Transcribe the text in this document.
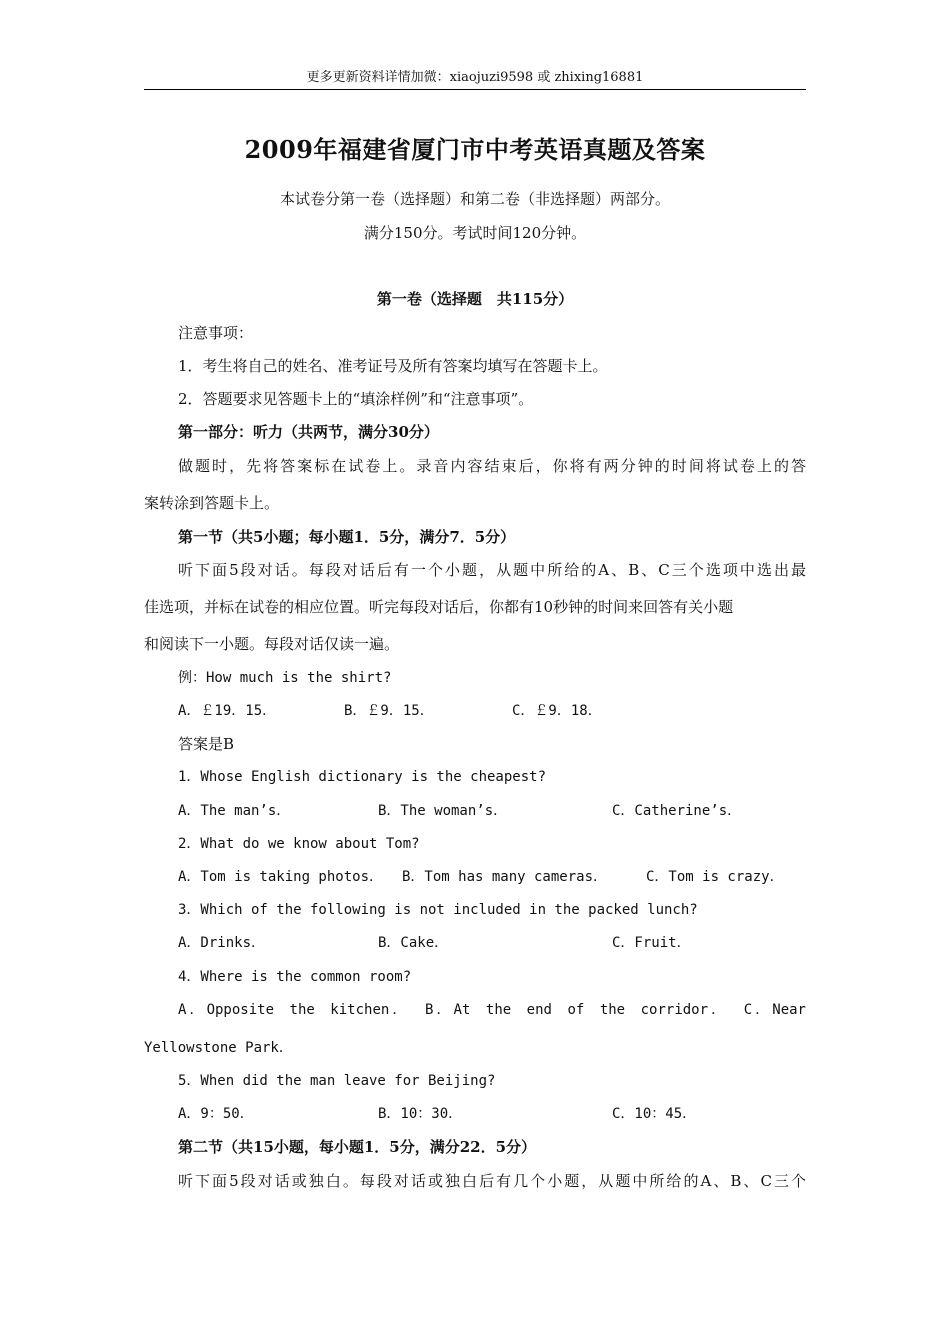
更多更新资料详情加微：xiaojuzi9598 或 zhixing16881
2009年福建省厦门市中考英语真题及答案
本试卷分第一卷（选择题）和第二卷（非选择题）两部分。
满分150分。考试时间120分钟。
第一卷（选择题　共115分）
注意事项：
1．考生将自己的姓名、准考证号及所有答案均填写在答题卡上。
2．答题要求见答题卡上的“填涂样例”和“注意事项”。
第一部分：听力（共两节，满分30分）
做题时，先将答案标在试卷上。录音内容结束后，你将有两分钟的时间将试卷上的答
案转涂到答题卡上。
第一节（共5小题；每小题1．5分，满分7．5分）
听下面5段对话。每段对话后有一个小题，从题中所给的A、B、C三个选项中选出最
佳选项，并标在试卷的相应位置。听完每段对话后，你都有10秒钟的时间来回答有关小题
和阅读下一小题。每段对话仅读一遍。
例：How much is the shirt?
A．￡19．15．	B．￡9．15．	C．￡9．18．
答案是B
1．Whose English dictionary is the cheapest?
A．The man’s．	B．The woman’s．	C．Catherine’s．
2．What do we know about Tom?
A．Tom is taking photos． B．Tom has many cameras．	C．Tom is crazy．
3．Which of the following is not included in the packed lunch?
A．Drinks．	B．Cake．	C．Fruit．
4．Where is the common room?
A．Opposite the kitchen． B．At the end of the corridor． C．Near
Yellowstone Park．
5．When did the man leave for Beijing?
A．9：50．	B．10：30．	C．10：45．
第二节（共15小题，每小题1．5分，满分22．5分）
听下面5段对话或独白。每段对话或独白后有几个小题，从题中所给的A、B、C三个
